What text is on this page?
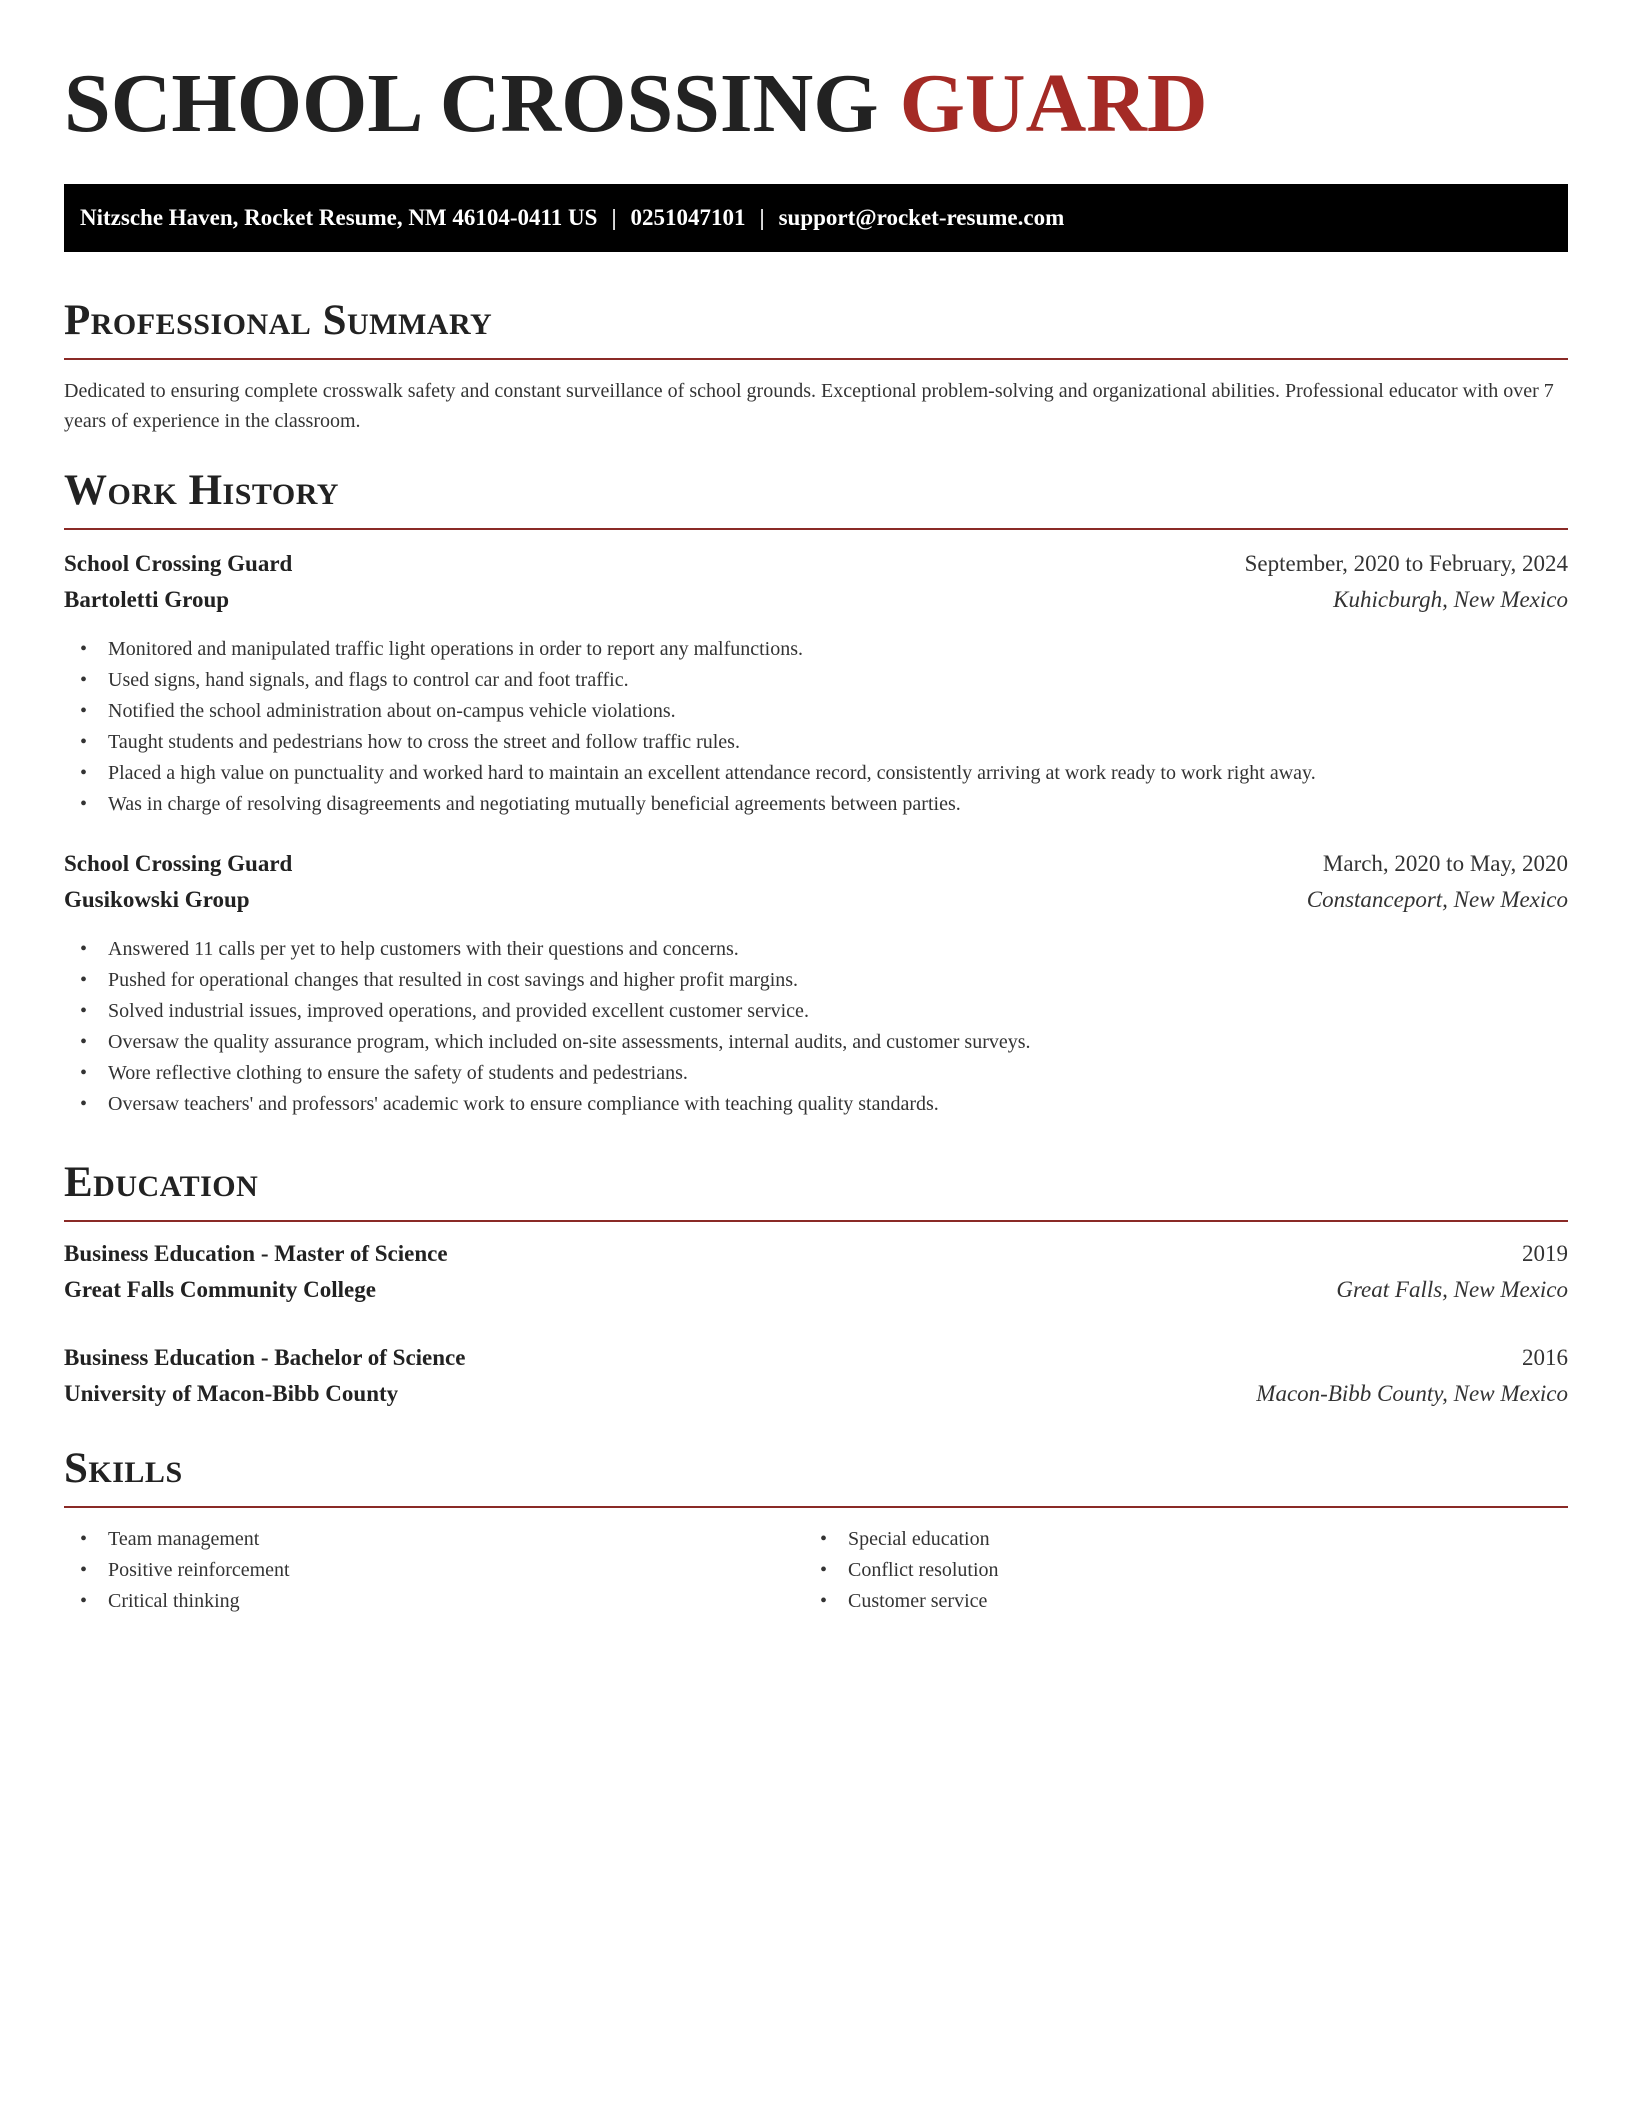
SCHOOL CROSSING GUARD
Nitzsche Haven, Rocket Resume, NM 46104-0411 US | 0251047101 | support@rocket-resume.com
Professional Summary
Dedicated to ensuring complete crosswalk safety and constant surveillance of school grounds. Exceptional problem-solving and organizational abilities. Professional educator with over 7 years of experience in the classroom.
Work History
School Crossing Guard	September, 2020 to February, 2024
Bartoletti Group	Kuhicburgh, New Mexico
• Monitored and manipulated traffic light operations in order to report any malfunctions.
• Used signs, hand signals, and flags to control car and foot traffic.
• Notified the school administration about on-campus vehicle violations.
• Taught students and pedestrians how to cross the street and follow traffic rules.
• Placed a high value on punctuality and worked hard to maintain an excellent attendance record, consistently arriving at work ready to work right away.
• Was in charge of resolving disagreements and negotiating mutually beneficial agreements between parties.
School Crossing Guard	March, 2020 to May, 2020
Gusikowski Group	Constanceport, New Mexico
• Answered 11 calls per yet to help customers with their questions and concerns.
• Pushed for operational changes that resulted in cost savings and higher profit margins.
• Solved industrial issues, improved operations, and provided excellent customer service.
• Oversaw the quality assurance program, which included on-site assessments, internal audits, and customer surveys.
• Wore reflective clothing to ensure the safety of students and pedestrians.
• Oversaw teachers' and professors' academic work to ensure compliance with teaching quality standards.
Education
Business Education - Master of Science	2019
Great Falls Community College	Great Falls, New Mexico
Business Education - Bachelor of Science	2016
University of Macon-Bibb County	Macon-Bibb County, New Mexico
Skills
• Team management
• Positive reinforcement
• Critical thinking
• Special education
• Conflict resolution
• Customer service
